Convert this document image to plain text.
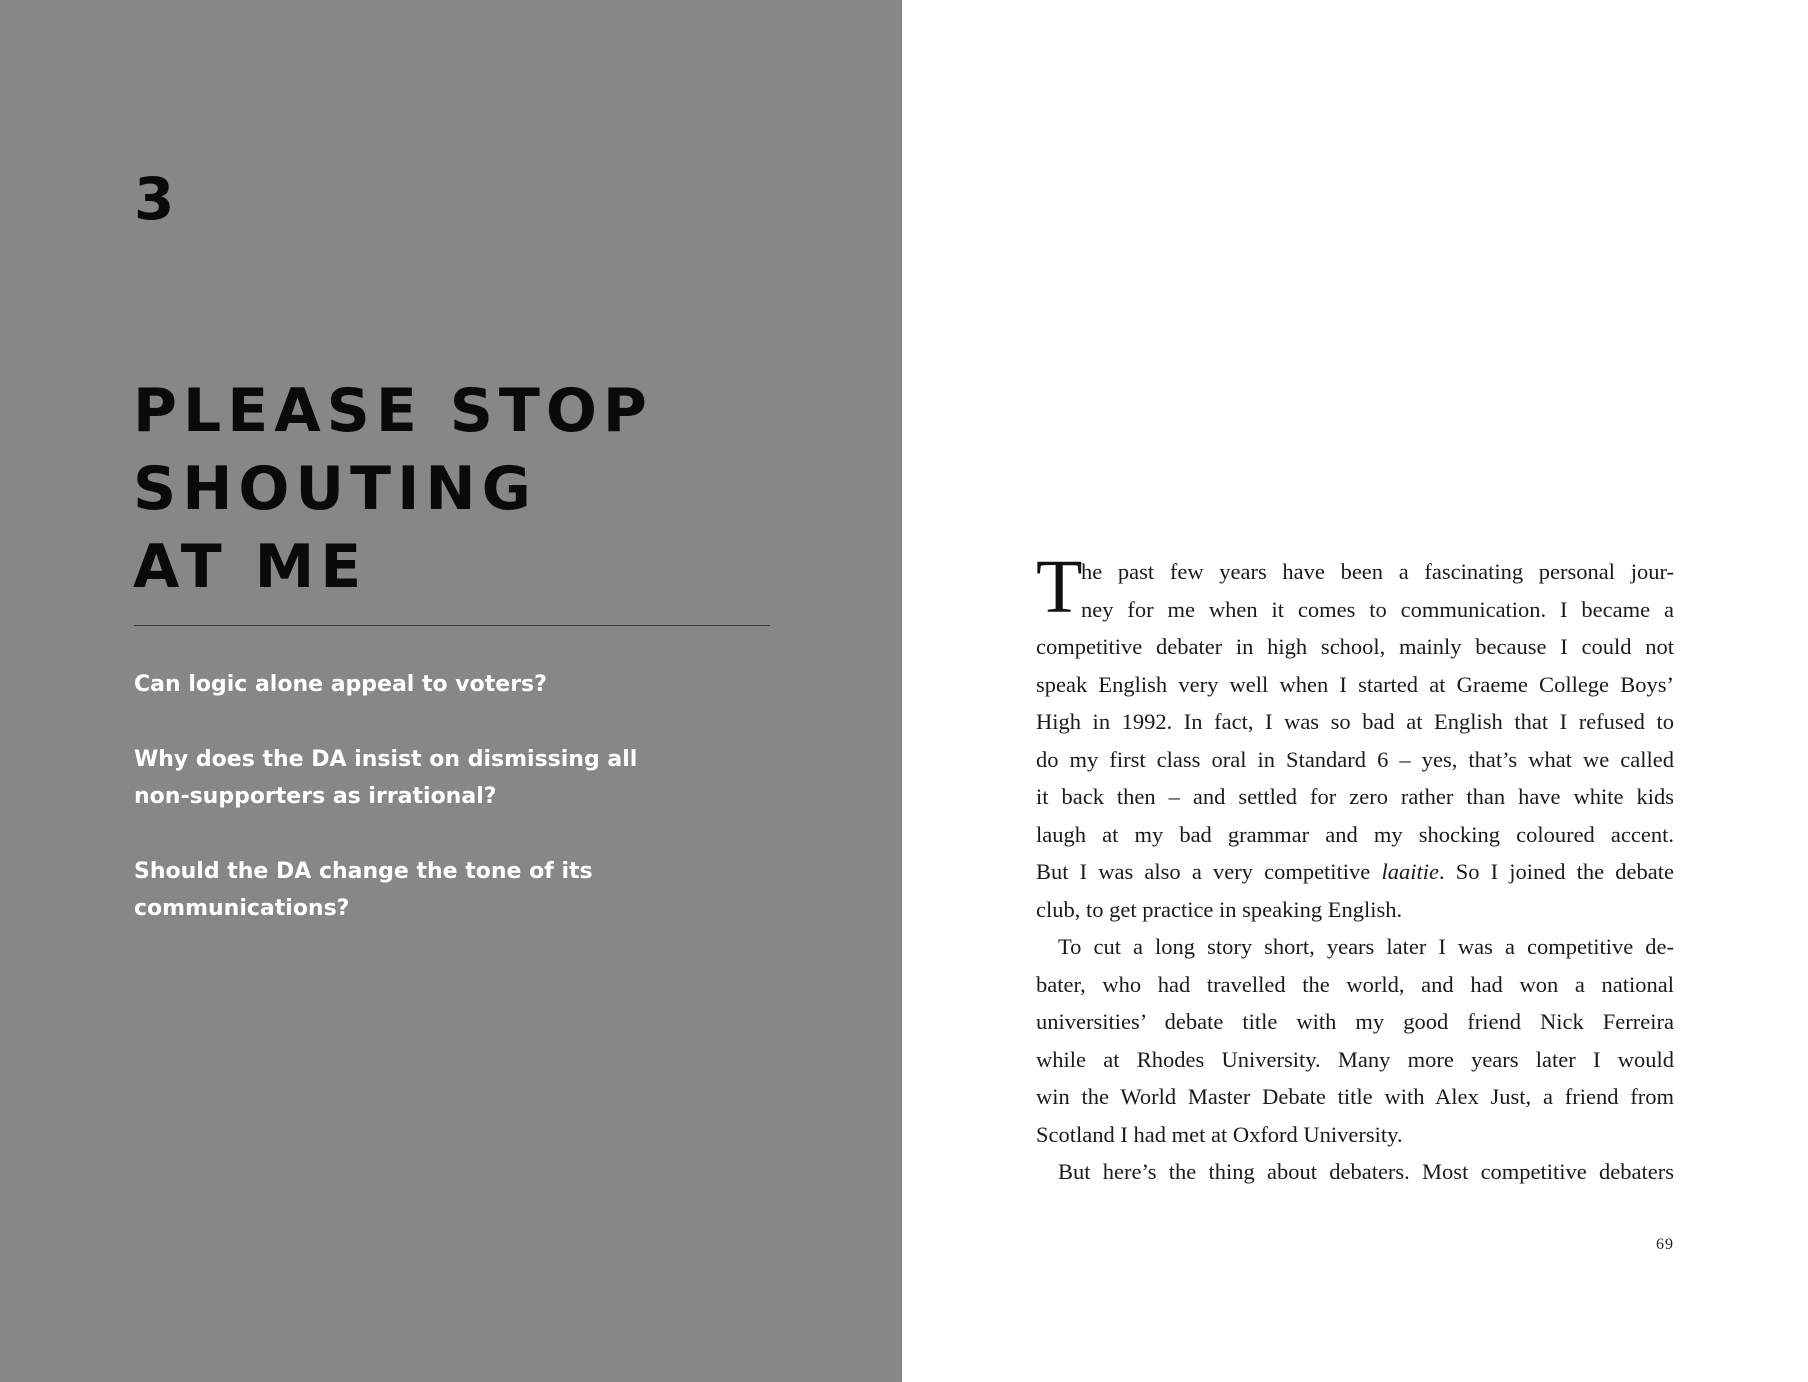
3
PLEASE STOP
SHOUTING
AT ME
Can logic alone appeal to voters?
Why does the DA insist on dismissing all
non-supporters as irrational?
Should the DA change the tone of its
communications?
T
he past few years have been a fascinating personal jour-
ney for me when it comes to communication. I became a
competitive debater in high school, mainly because I could not
speak English very well when I started at Graeme College Boys’
High in 1992. In fact, I was so bad at English that I refused to
do my first class oral in Standard 6 – yes, that’s what we called
it back then – and settled for zero rather than have white kids
laugh at my bad grammar and my shocking coloured accent.
But I was also a very competitive laaitie. So I joined the debate
club, to get practice in speaking English.
To cut a long story short, years later I was a competitive de-
bater, who had travelled the world, and had won a national
universities’ debate title with my good friend Nick Ferreira
while at Rhodes University. Many more years later I would
win the World Master Debate title with Alex Just, a friend from
Scotland I had met at Oxford University.
But here’s the thing about debaters. Most competitive debaters
69
